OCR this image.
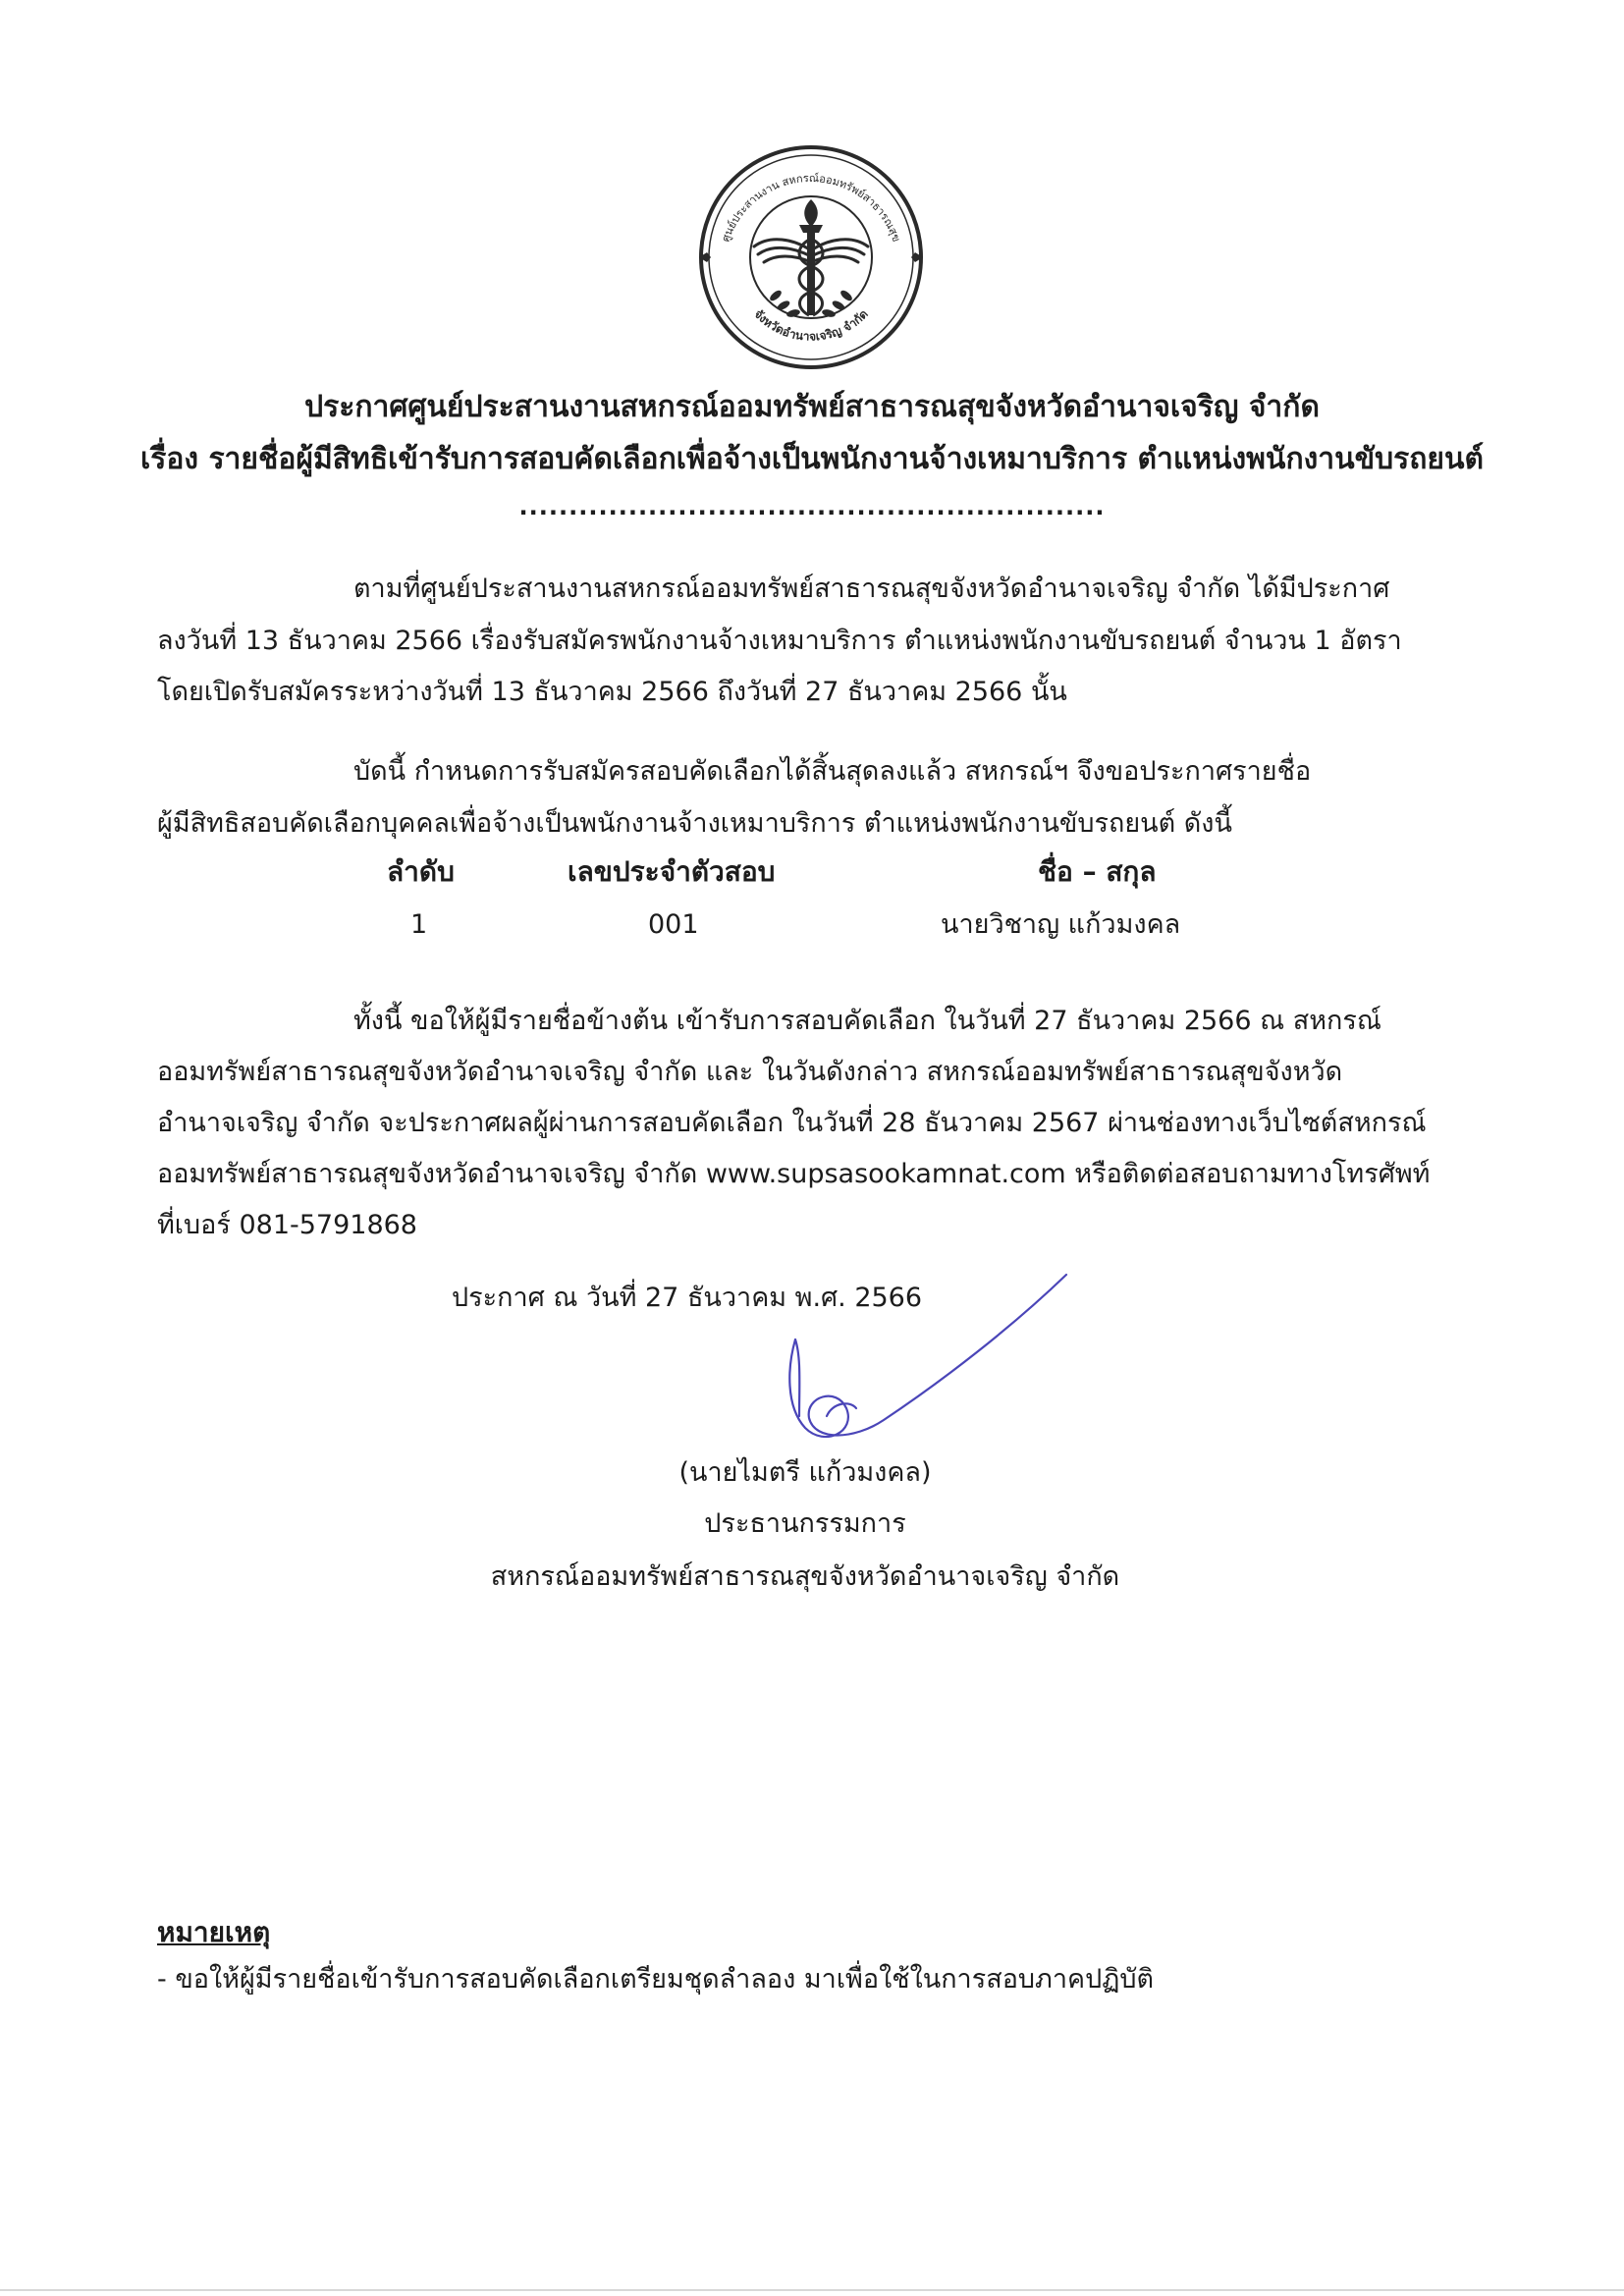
ศูนย์ประสานงาน สหกรณ์ออมทรัพย์สาธารณสุข
จังหวัดอำนาจเจริญ จำกัด
ประกาศศูนย์ประสานงานสหกรณ์ออมทรัพย์สาธารณสุขจังหวัดอำนาจเจริญ จำกัด
เรื่อง รายชื่อผู้มีสิทธิเข้ารับการสอบคัดเลือกเพื่อจ้างเป็นพนักงานจ้างเหมาบริการ ตำแหน่งพนักงานขับรถยนต์
...........................................................
ตามที่ศูนย์ประสานงานสหกรณ์ออมทรัพย์สาธารณสุขจังหวัดอำนาจเจริญ จำกัด ได้มีประกาศ
ลงวันที่ 13 ธันวาคม 2566 เรื่องรับสมัครพนักงานจ้างเหมาบริการ ตำแหน่งพนักงานขับรถยนต์ จำนวน 1 อัตรา
โดยเปิดรับสมัครระหว่างวันที่ 13 ธันวาคม 2566 ถึงวันที่ 27 ธันวาคม 2566 นั้น
บัดนี้ กำหนดการรับสมัครสอบคัดเลือกได้สิ้นสุดลงแล้ว สหกรณ์ฯ จึงขอประกาศรายชื่อ
ผู้มีสิทธิสอบคัดเลือกบุคคลเพื่อจ้างเป็นพนักงานจ้างเหมาบริการ ตำแหน่งพนักงานขับรถยนต์ ดังนี้
ลำดับ	เลขประจำตัวสอบ	ชื่อ – สกุล
1	001	นายวิชาญ แก้วมงคล
ทั้งนี้ ขอให้ผู้มีรายชื่อข้างต้น เข้ารับการสอบคัดเลือก ในวันที่ 27 ธันวาคม 2566 ณ สหกรณ์
ออมทรัพย์สาธารณสุขจังหวัดอำนาจเจริญ จำกัด และ ในวันดังกล่าว สหกรณ์ออมทรัพย์สาธารณสุขจังหวัด
อำนาจเจริญ จำกัด จะประกาศผลผู้ผ่านการสอบคัดเลือก ในวันที่ 28 ธันวาคม 2567 ผ่านช่องทางเว็บไซต์สหกรณ์
ออมทรัพย์สาธารณสุขจังหวัดอำนาจเจริญ จำกัด www.supsasookamnat.com หรือติดต่อสอบถามทางโทรศัพท์
ที่เบอร์ 081-5791868
ประกาศ ณ วันที่ 27 ธันวาคม พ.ศ. 2566
(นายไมตรี แก้วมงคล)
ประธานกรรมการ
สหกรณ์ออมทรัพย์สาธารณสุขจังหวัดอำนาจเจริญ จำกัด
หมายเหตุ
- ขอให้ผู้มีรายชื่อเข้ารับการสอบคัดเลือกเตรียมชุดลำลอง มาเพื่อใช้ในการสอบภาคปฏิบัติ
